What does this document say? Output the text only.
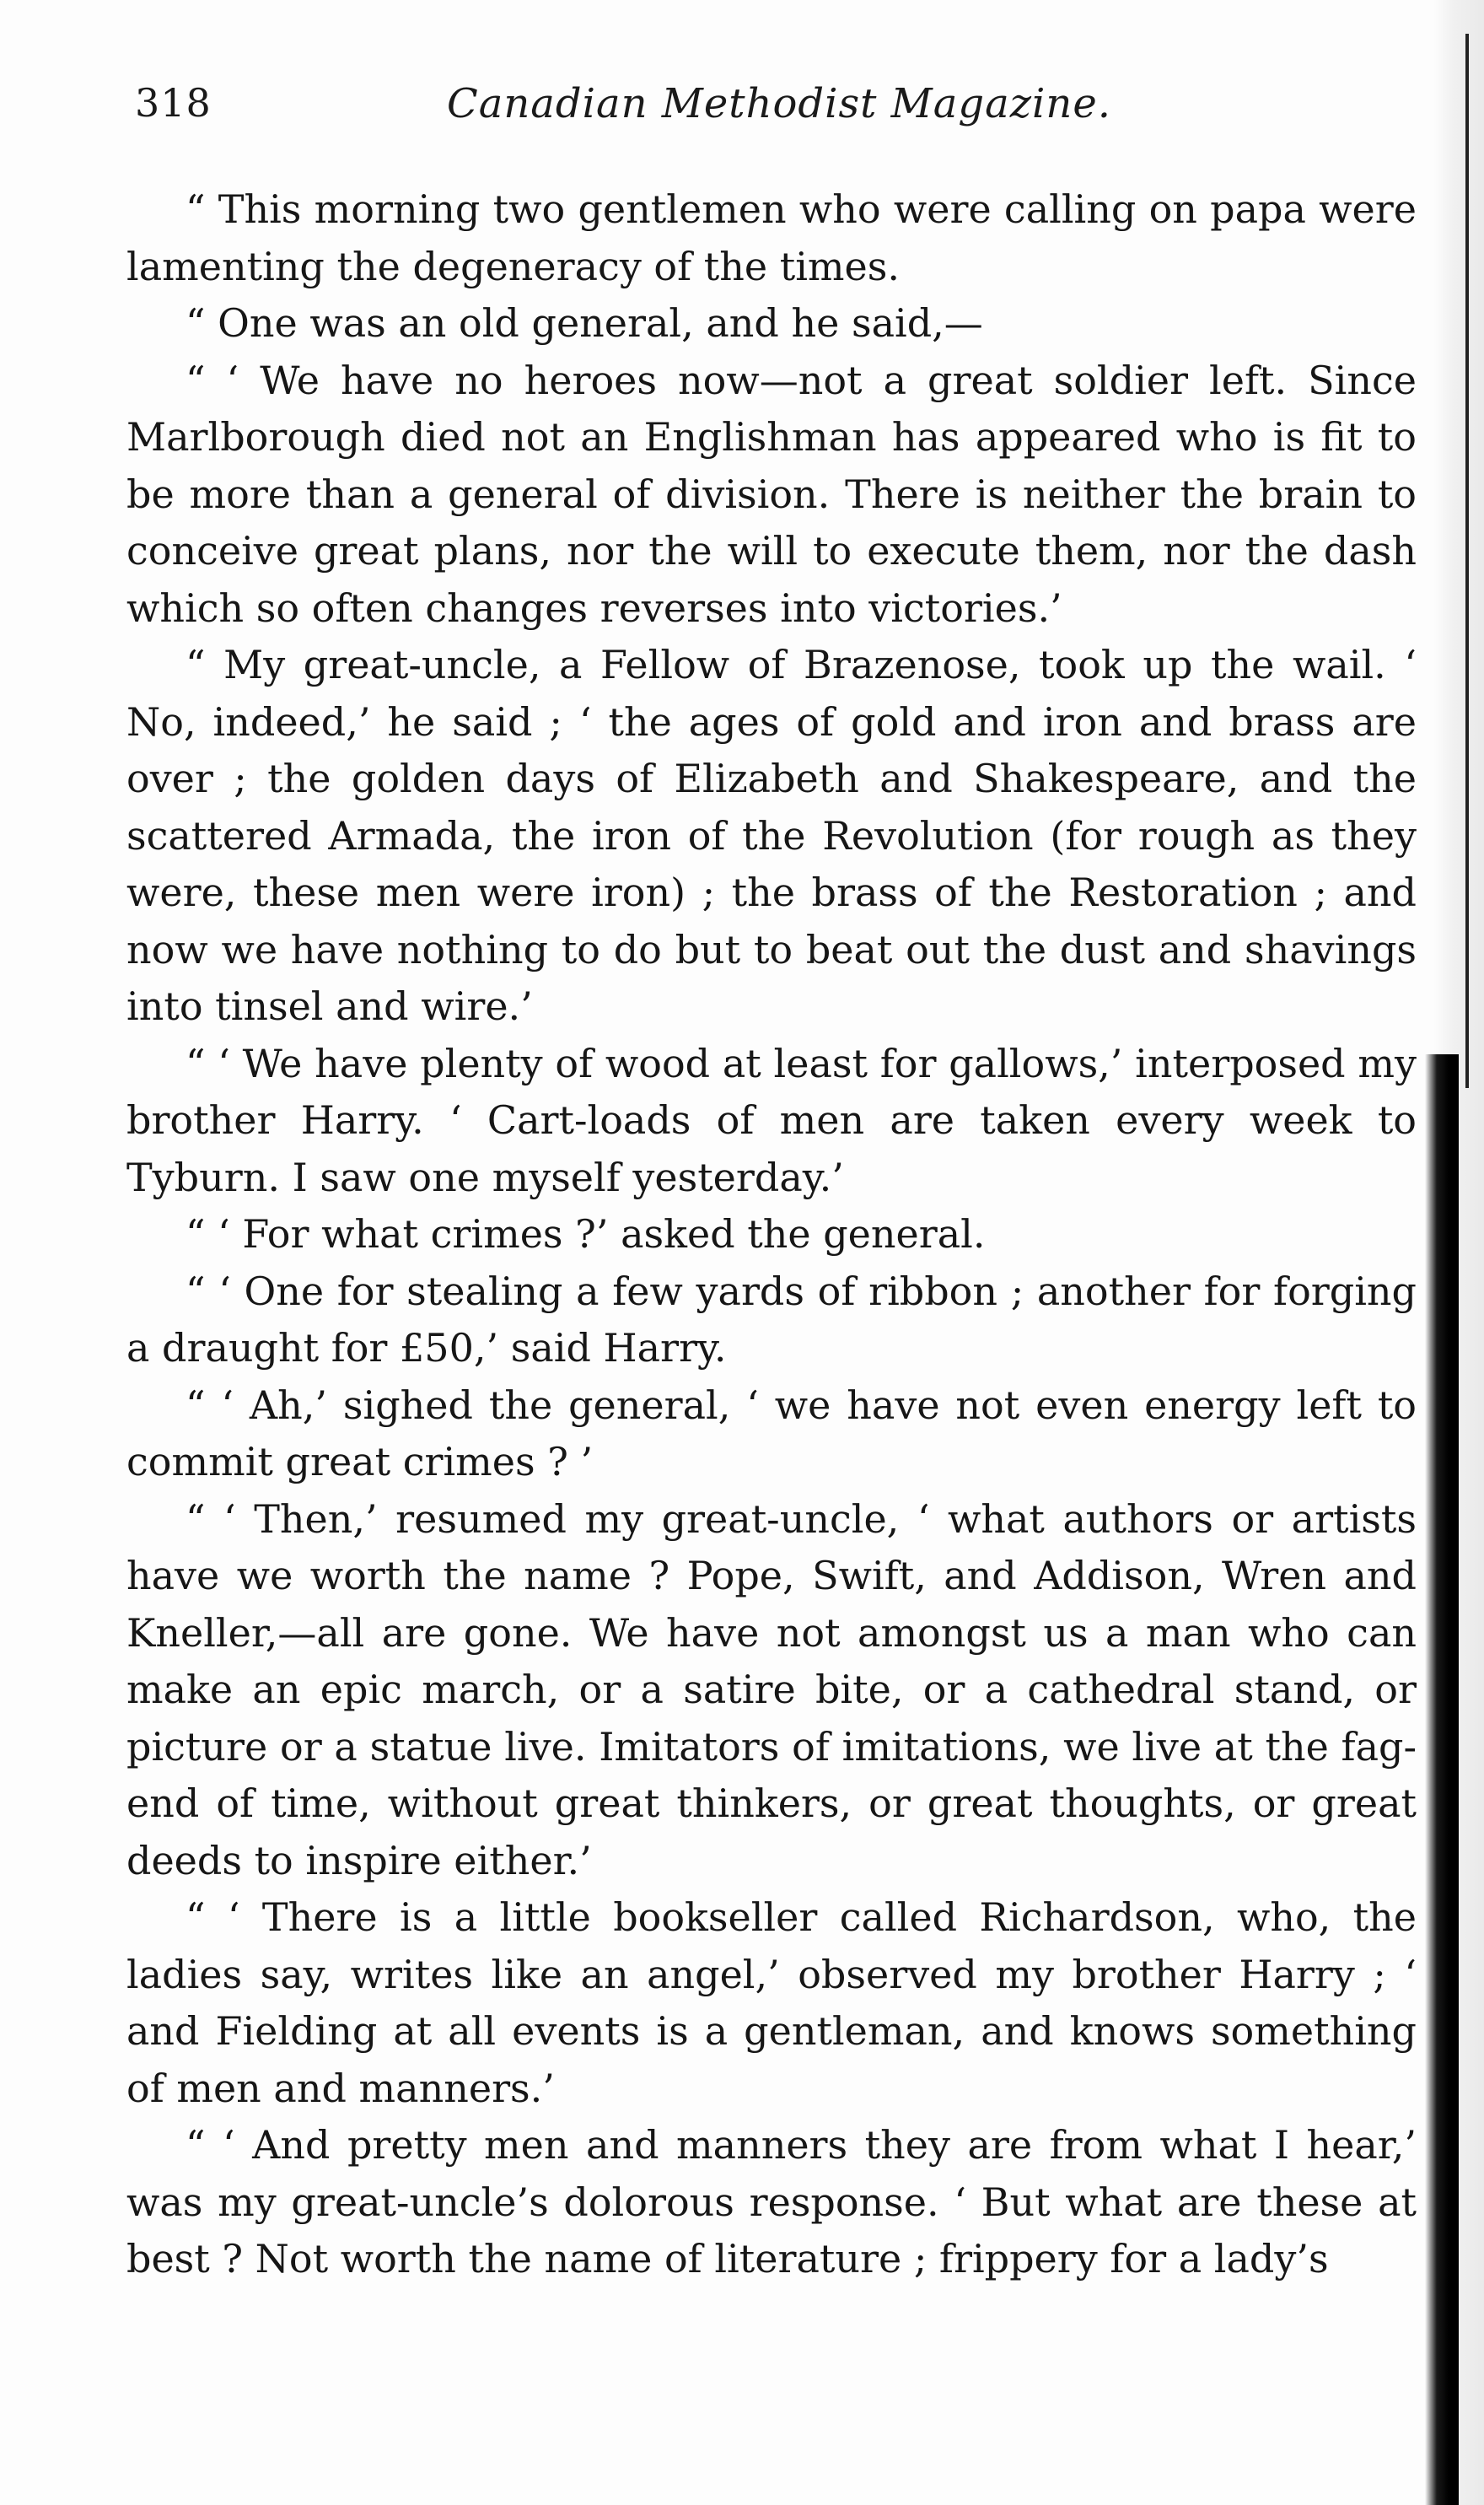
318	Canadian Methodist Magazine.

“ This morning two gentlemen who were calling on papa were lamenting the degeneracy of the times.

“ One was an old general, and he said,—

“ ‘ We have no heroes now—not a great soldier left. Since Marlborough died not an Englishman has appeared who is fit to be more than a general of division. There is neither the brain to conceive great plans, nor the will to execute them, nor the dash which so often changes reverses into victories.’

“ My great-uncle, a Fellow of Brazenose, took up the wail. ‘ No, indeed,’ he said ; ‘ the ages of gold and iron and brass are over ; the golden days of Elizabeth and Shakespeare, and the scattered Armada, the iron of the Revolution (for rough as they were, these men were iron) ; the brass of the Restoration ; and now we have nothing to do but to beat out the dust and shavings into tinsel and wire.’

“ ‘ We have plenty of wood at least for gallows,’ interposed my brother Harry. ‘ Cart-loads of men are taken every week to Tyburn. I saw one myself yesterday.’

“ ‘ For what crimes ?’ asked the general.

“ ‘ One for stealing a few yards of ribbon ; another for forging a draught for £50,’ said Harry.

“ ‘ Ah,’ sighed the general, ‘ we have not even energy left to commit great crimes ? ’

“ ‘ Then,’ resumed my great-uncle, ‘ what authors or artists have we worth the name ? Pope, Swift, and Addison, Wren and Kneller,—all are gone. We have not amongst us a man who can make an epic march, or a satire bite, or a cathedral stand, or picture or a statue live. Imitators of imitations, we live at the fag-end of time, without great thinkers, or great thoughts, or great deeds to inspire either.’

“ ‘ There is a little bookseller called Richardson, who, the ladies say, writes like an angel,’ observed my brother Harry ; ‘ and Fielding at all events is a gentleman, and knows something of men and manners.’

“ ‘ And pretty men and manners they are from what I hear,’ was my great-uncle’s dolorous response. ‘ But what are these at best ? Not worth the name of literature ; frippery for a lady’s
